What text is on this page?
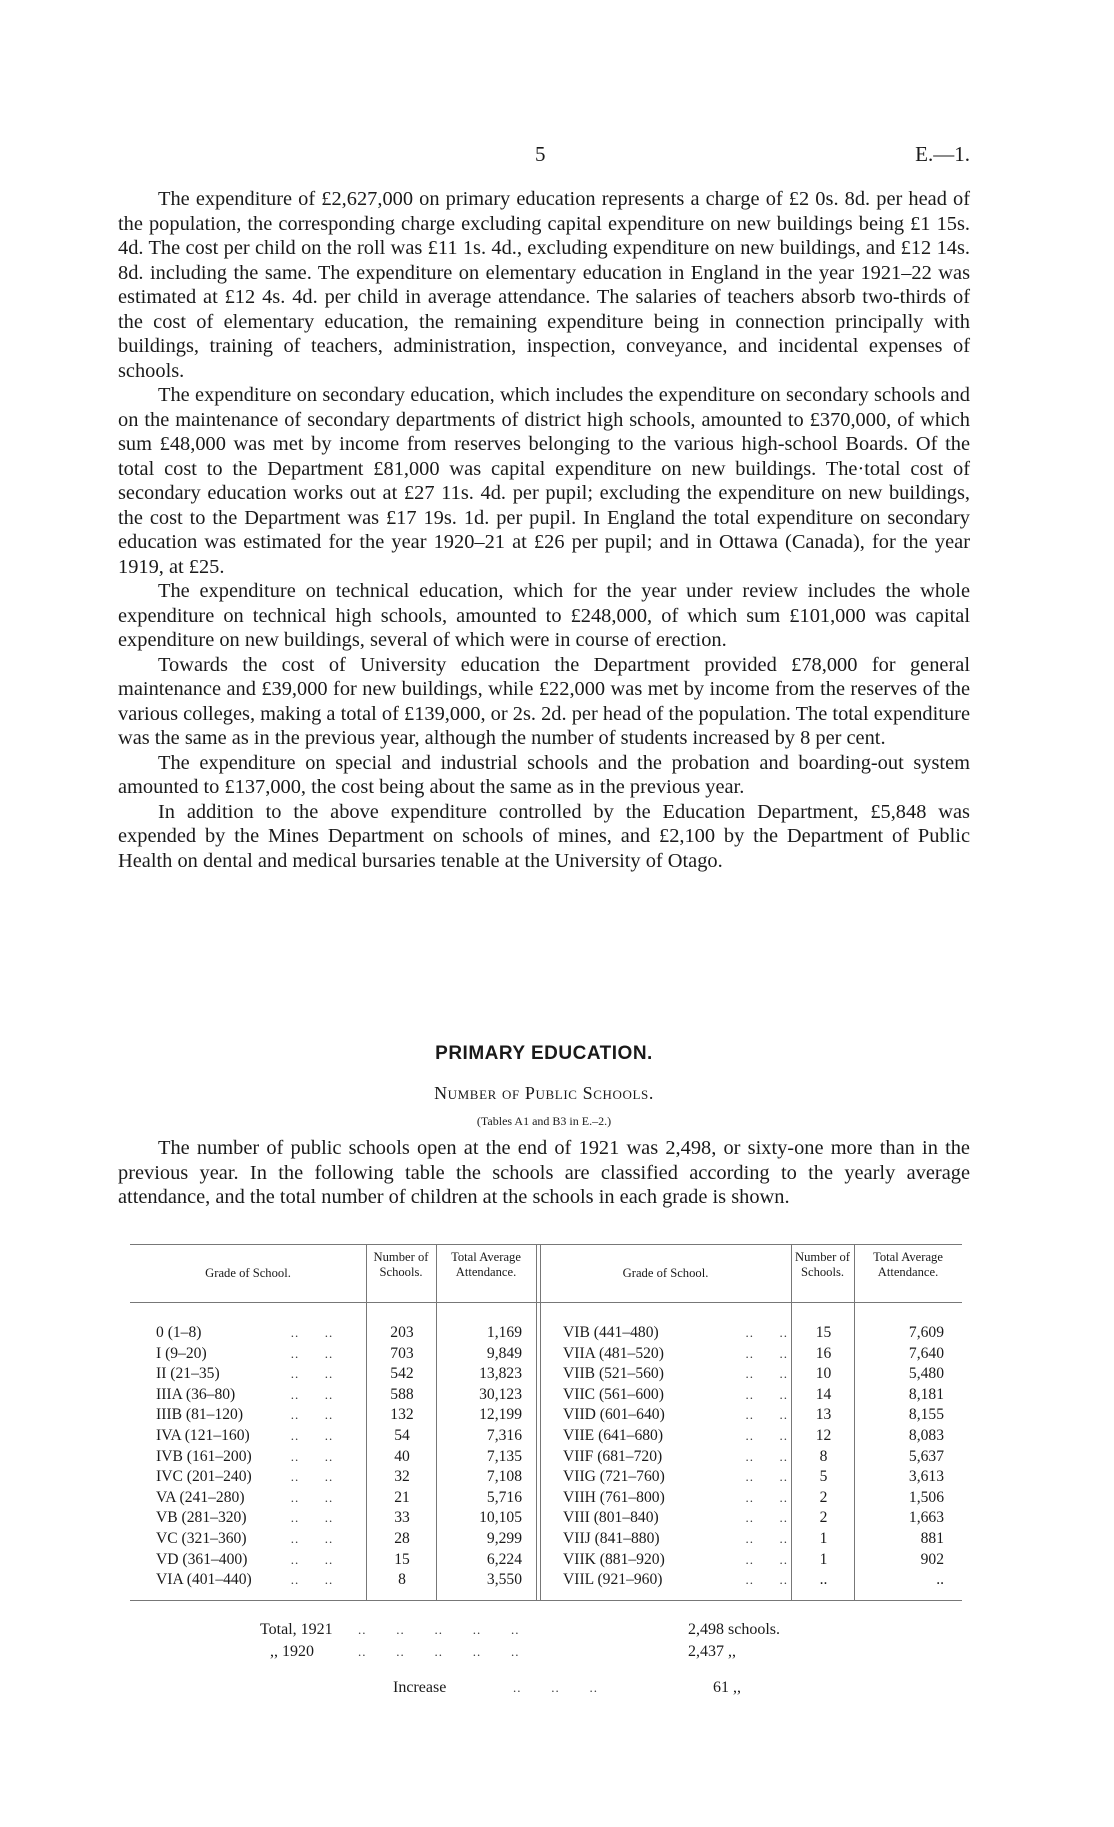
5	E.—1.

The expenditure of £2,627,000 on primary education represents a charge of £2 0s. 8d. per head of the population, the corresponding charge excluding capital expenditure on new buildings being £1 15s. 4d. The cost per child on the roll was £11 1s. 4d., excluding expenditure on new buildings, and £12 14s. 8d. including the same. The expenditure on elementary education in England in the year 1921–22 was estimated at £12 4s. 4d. per child in average attendance. The salaries of teachers absorb two-thirds of the cost of elementary education, the remaining expenditure being in connection principally with buildings, training of teachers, administration, inspection, conveyance, and incidental expenses of schools.

The expenditure on secondary education, which includes the expenditure on secondary schools and on the maintenance of secondary departments of district high schools, amounted to £370,000, of which sum £48,000 was met by income from reserves belonging to the various high-school Boards. Of the total cost to the Department £81,000 was capital expenditure on new buildings. The·total cost of secondary education works out at £27 11s. 4d. per pupil; excluding the expenditure on new buildings, the cost to the Department was £17 19s. 1d. per pupil. In England the total expenditure on secondary education was estimated for the year 1920–21 at £26 per pupil; and in Ottawa (Canada), for the year 1919, at £25.

The expenditure on technical education, which for the year under review includes the whole expenditure on technical high schools, amounted to £248,000, of which sum £101,000 was capital expenditure on new buildings, several of which were in course of erection.

Towards the cost of University education the Department provided £78,000 for general maintenance and £39,000 for new buildings, while £22,000 was met by income from the reserves of the various colleges, making a total of £139,000, or 2s. 2d. per head of the population. The total expenditure was the same as in the previous year, although the number of students increased by 8 per cent.

The expenditure on special and industrial schools and the probation and boarding-out system amounted to £137,000, the cost being about the same as in the previous year.

In addition to the above expenditure controlled by the Education Department, £5,848 was expended by the Mines Department on schools of mines, and £2,100 by the Department of Public Health on dental and medical bursaries tenable at the University of Otago.

PRIMARY EDUCATION.
Number of Public Schools.
(Tables A1 and B3 in E.–2.)

The number of public schools open at the end of 1921 was 2,498, or sixty-one more than in the previous year. In the following table the schools are classified according to the yearly average attendance, and the total number of children at the schools in each grade is shown.

Grade of School.
Number of Schools.
Total Average Attendance.	Grade of School.
Number of Schools.
Total Average Attendance.
0 (1–8)	..      ..	203	1,169
I (9–20)	..      ..	703	9,849
II (21–35)	..      ..	542	13,823
IIIA (36–80)	..      ..	588	30,123
IIIB (81–120)	..      ..	132	12,199
IVA (121–160)	..      ..	54	7,316
IVB (161–200)	..      ..	40	7,135
IVC (201–240)	..      ..	32	7,108
VA (241–280)	..      ..	21	5,716
VB (281–320)	..      ..	33	10,105
VC (321–360)	..      ..	28	9,299
VD (361–400)	..      ..	15	6,224
VIA (401–440)	..      ..	8	3,550
VIB (441–480)	..      ..	15	7,609
VIIA (481–520)	..      ..	16	7,640
VIIB (521–560)	..      ..	10	5,480
VIIC (561–600)	..      ..	14	8,181
VIID (601–640)	..      ..	13	8,155
VIIE (641–680)	..      ..	12	8,083
VIIF (681–720)	..      ..	8	5,637
VIIG (721–760)	..      ..	5	3,613
VIIH (761–800)	..      ..	2	1,506
VIII (801–840)	..      ..	2	1,663
VIIJ (841–880)	..      ..	1	881
VIIK (881–920)	..      ..	1	902
VIIL (921–960)	..      ..	..	..
Total, 1921 ..       ..       ..       ..       ..	2,498 schools.
,, 1920	..       ..       ..       ..       ..	2,437 ,,
Increase	..       ..       ..	61 ,,
